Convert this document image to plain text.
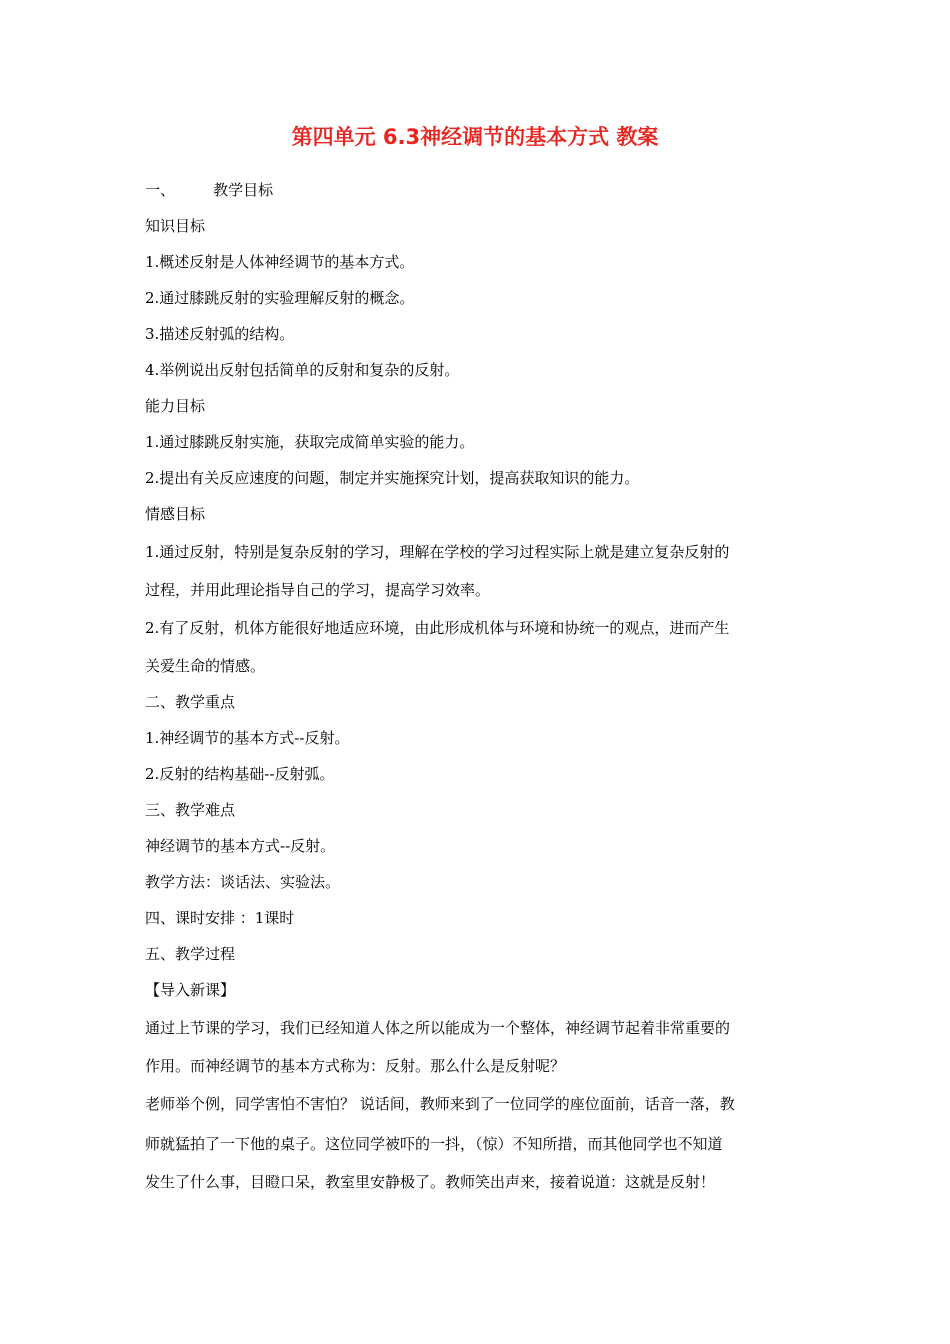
第四单元 6.3神经调节的基本方式 教案
一、        教学目标
知识目标
1.概述反射是人体神经调节的基本方式。
2.通过膝跳反射的实验理解反射的概念。
3.描述反射弧的结构。
4.举例说出反射包括简单的反射和复杂的反射。
能力目标
1.通过膝跳反射实施，获取完成简单实验的能力。
2.提出有关反应速度的问题，制定并实施探究计划，提高获取知识的能力。
情感目标
1.通过反射，特别是复杂反射的学习，理解在学校的学习过程实际上就是建立复杂反射的
过程，并用此理论指导自己的学习，提高学习效率。
2.有了反射，机体方能很好地适应环境，由此形成机体与环境和协统一的观点，进而产生
关爱生命的情感。
二、教学重点
1.神经调节的基本方式--反射。
2.反射的结构基础--反射弧。
三、教学难点
神经调节的基本方式--反射。
教学方法：谈话法、实验法。
四、课时安排 ：1课时
五、教学过程
【导入新课】
通过上节课的学习，我们已经知道人体之所以能成为一个整体，神经调节起着非常重要的
作用。而神经调节的基本方式称为：反射。那么什么是反射呢？
老师举个例，同学害怕不害怕？ 说话间，教师来到了一位同学的座位面前，话音一落，教
师就猛拍了一下他的桌子。这位同学被吓的一抖，（惊）不知所措，而其他同学也不知道
发生了什么事，目瞪口呆，教室里安静极了。教师笑出声来，接着说道：这就是反射！
